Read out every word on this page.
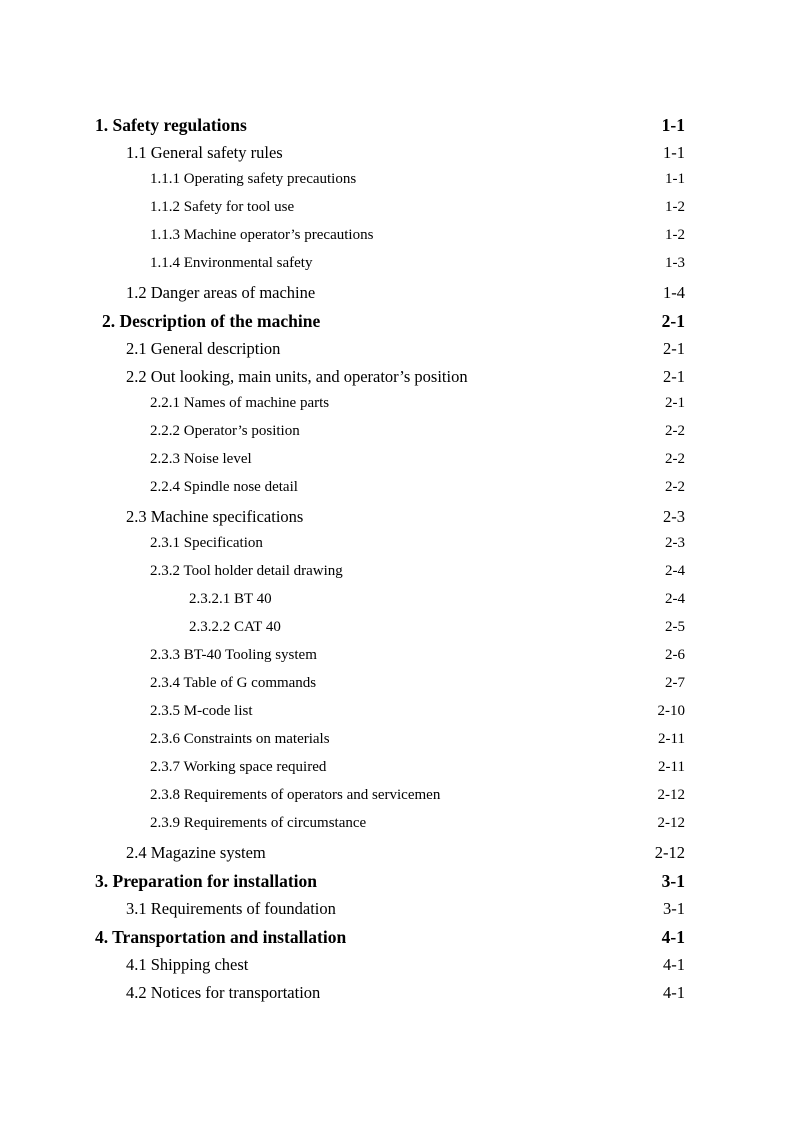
1. Safety regulations	1-1
1.1 General safety rules	1-1
1.1.1 Operating safety precautions	1-1
1.1.2 Safety for tool use	1-2
1.1.3 Machine operator’s precautions	1-2
1.1.4 Environmental safety	1-3
1.2 Danger areas of machine	1-4
2. Description of the machine	2-1
2.1 General description	2-1
2.2 Out looking, main units, and operator’s position	2-1
2.2.1 Names of machine parts	2-1
2.2.2 Operator’s position	2-2
2.2.3 Noise level	2-2
2.2.4 Spindle nose detail	2-2
2.3 Machine specifications	2-3
2.3.1 Specification	2-3
2.3.2 Tool holder detail drawing	2-4
2.3.2.1 BT 40	2-4
2.3.2.2 CAT 40	2-5
2.3.3 BT-40 Tooling system	2-6
2.3.4 Table of G commands	2-7
2.3.5 M-code list	2-10
2.3.6 Constraints on materials	2-11
2.3.7 Working space required	2-11
2.3.8 Requirements of operators and servicemen	2-12
2.3.9 Requirements of circumstance	2-12
2.4 Magazine system	2-12
3. Preparation for installation	3-1
3.1 Requirements of foundation	3-1
4. Transportation and installation	4-1
4.1 Shipping chest	4-1
4.2 Notices for transportation	4-1
